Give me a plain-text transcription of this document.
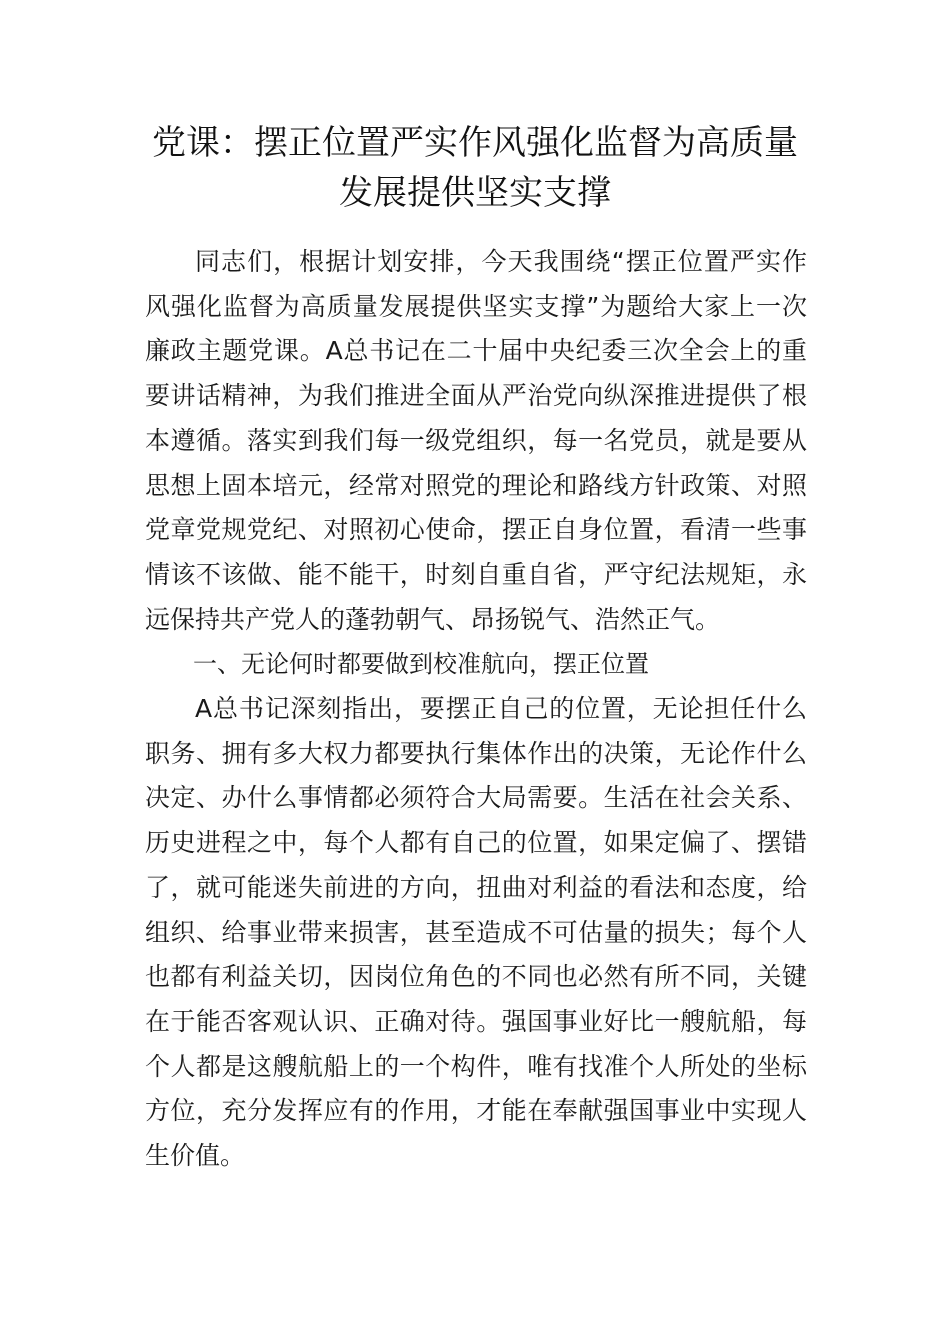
党课：摆正位置严实作风强化监督为高质量发展提供坚实支撑

同志们，根据计划安排，今天我围绕“摆正位置严实作风强化监督为高质量发展提供坚实支撑”为题给大家上一次廉政主题党课。A总书记在二十届中央纪委三次全会上的重要讲话精神，为我们推进全面从严治党向纵深推进提供了根本遵循。落实到我们每一级党组织，每一名党员，就是要从思想上固本培元，经常对照党的理论和路线方针政策、对照党章党规党纪、对照初心使命，摆正自身位置，看清一些事情该不该做、能不能干，时刻自重自省，严守纪法规矩，永远保持共产党人的蓬勃朝气、昂扬锐气、浩然正气。

一、无论何时都要做到校准航向，摆正位置

A总书记深刻指出，要摆正自己的位置，无论担任什么职务、拥有多大权力都要执行集体作出的决策，无论作什么决定、办什么事情都必须符合大局需要。生活在社会关系、历史进程之中，每个人都有自己的位置，如果定偏了、摆错了，就可能迷失前进的方向，扭曲对利益的看法和态度，给组织、给事业带来损害，甚至造成不可估量的损失；每个人也都有利益关切，因岗位角色的不同也必然有所不同，关键在于能否客观认识、正确对待。强国事业好比一艘航船，每个人都是这艘航船上的一个构件，唯有找准个人所处的坐标方位，充分发挥应有的作用，才能在奉献强国事业中实现人生价值。
